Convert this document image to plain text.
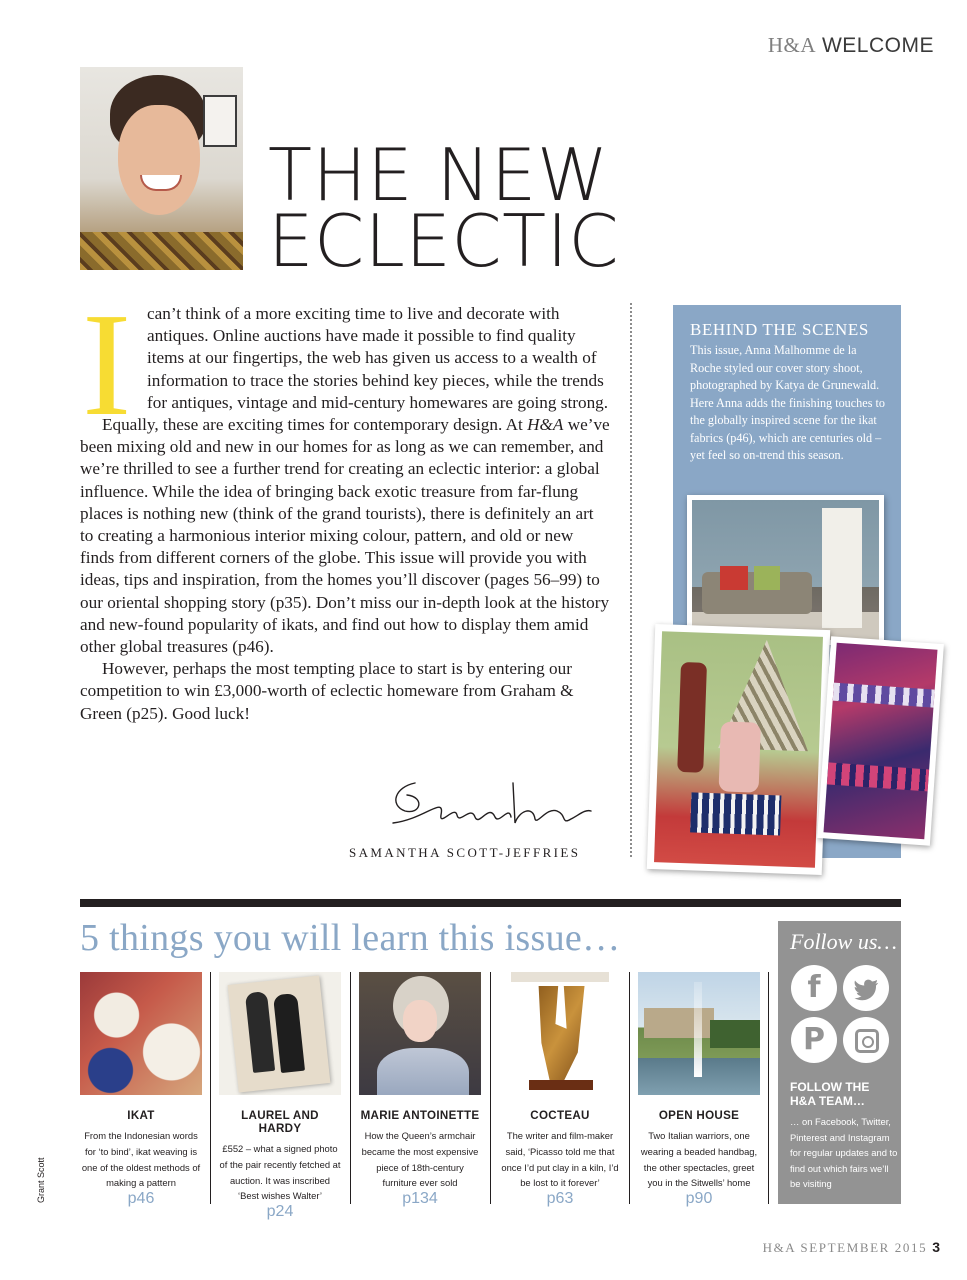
H&A WELCOME
THE NEW
ECLECTIC
I can’t think of a more exciting time to live and decorate with antiques. Online auctions have made it possible to find quality items at our fingertips, the web has given us access to a wealth of information to trace the stories behind key pieces, while the trends for antiques, vintage and mid-century homewares are going strong.

Equally, these are exciting times for contemporary design. At H&A we’ve been mixing old and new in our homes for as long as we can remember, and we’re thrilled to see a further trend for creating an eclectic interior: a global influence. While the idea of bringing back exotic treasure from far-flung places is nothing new (think of the grand tourists), there is definitely an art to creating a harmonious interior mixing colour, pattern, and old or new finds from different corners of the globe. This issue will provide you with ideas, tips and inspiration, from the homes you’ll discover (pages 56–99) to our oriental shopping story (p35). Don’t miss our in-depth look at the history and new-found popularity of ikats, and find out how to display them amid other global treasures (p46).

However, perhaps the most tempting place to start is by entering our competition to win £3,000-worth of eclectic homeware from Graham & Green (p25). Good luck!

SAMANTHA SCOTT-JEFFRIES
BEHIND THE SCENES
This issue, Anna Malhomme de la Roche styled our cover story shoot, photographed by Katya de Grunewald. Here Anna adds the finishing touches to the globally inspired scene for the ikat fabrics (p46), which are centuries old – yet feel so on-trend this season.
5 things you will learn this issue…
IKAT
From the Indonesian words for ‘to bind’, ikat weaving is one of the oldest methods of making a pattern
p46
LAUREL AND HARDY
£552 – what a signed photo of the pair recently fetched at auction. It was inscribed ‘Best wishes Walter’
p24
MARIE ANTOINETTE
How the Queen’s armchair became the most expensive piece of 18th-century furniture ever sold
p134
COCTEAU
The writer and film-maker said, ‘Picasso told me that once I’d put clay in a kiln, I’d be lost to it forever’
p63
OPEN HOUSE
Two Italian warriors, one wearing a beaded handbag, the other spectacles, greet you in the Sitwells’ home
p90
Follow us…
f
P
FOLLOW THE H&A TEAM…
… on Facebook, Twitter, Pinterest and Instagram for regular updates and to find out which fairs we’ll be visiting
Grant Scott
H&A SEPTEMBER 2015 3
